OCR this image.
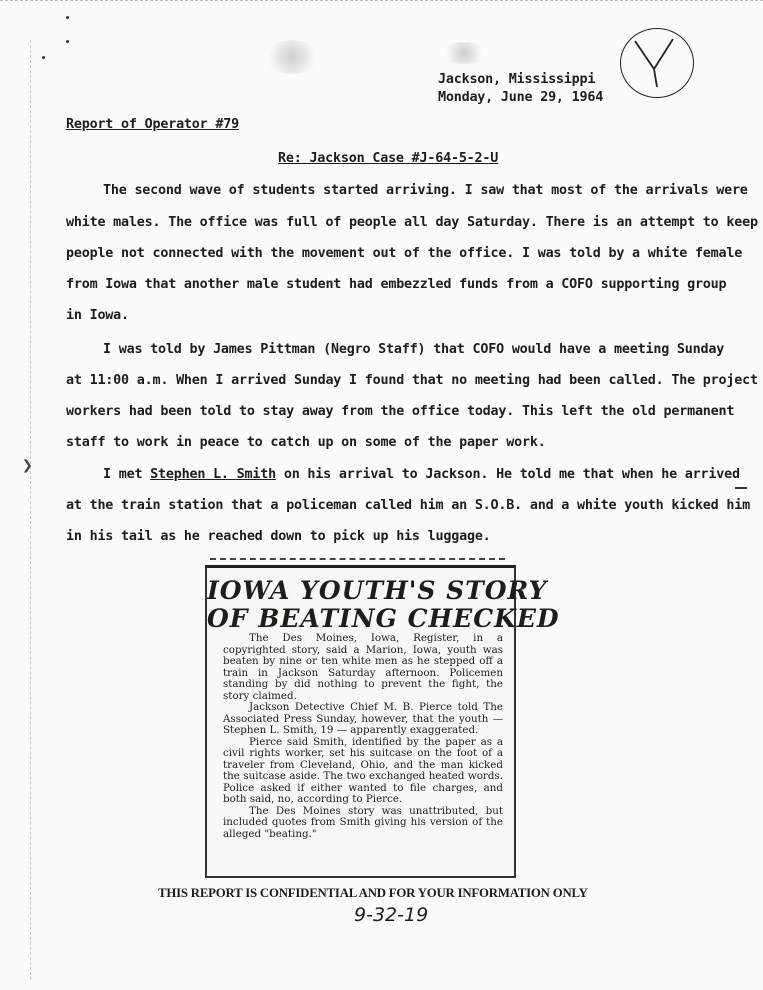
❯
Jackson, Mississippi
Monday, June 29, 1964
Report of Operator #79
Re: Jackson Case #J-64-5-2-U
The second wave of students started arriving. I saw that most of the arrivals were
white males. The office was full of people all day Saturday. There is an attempt to keep
people not connected with the movement out of the office. I was told by a white female
from Iowa that another male student had embezzled funds from a COFO supporting group
in Iowa.
I was told by James Pittman (Negro Staff) that COFO would have a meeting Sunday
at 11:00 a.m. When I arrived Sunday I found that no meeting had been called. The project
workers had been told to stay away from the office today. This left the old permanent
staff to work in peace to catch up on some of the paper work.
I met Stephen L. Smith on his arrival to Jackson. He told me that when he arrived
at the train station that a policeman called him an S.O.B. and a white youth kicked him
in his tail as he reached down to pick up his luggage.
IOWA YOUTH'S STORY
OF BEATING CHECKED

The Des Moines, Iowa, Register, in a copyrighted story, said a Marion, Iowa, youth was beaten by nine or ten white men as he stepped off a train in Jackson Saturday afternoon. Policemen standing by did nothing to prevent the fight, the story claimed.

Jackson Detective Chief M. B. Pierce told The Associated Press Sunday, however, that the youth — Stephen L. Smith, 19 — apparently exaggerated.

Pierce said Smith, identified by the paper as a civil rights worker, set his suitcase on the foot of a traveler from Cleveland, Ohio, and the man kicked the suitcase aside. The two exchanged heated words. Police asked if either wanted to file charges, and both said, no, according to Pierce.

The Des Moines story was unattributed, but included quotes from Smith giving his version of the alleged "beating."

THIS REPORT IS CONFIDENTIAL AND FOR YOUR INFORMATION ONLY
9-32-19
